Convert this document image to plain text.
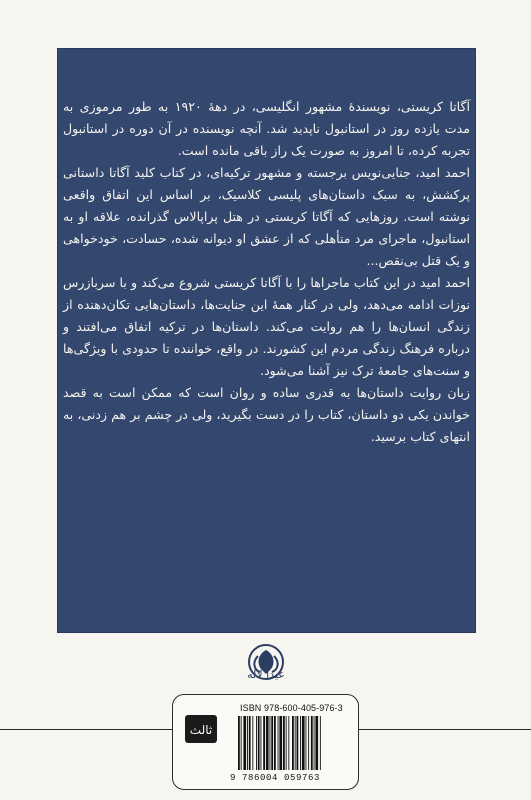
آگاتا کریستی، نویسندهٔ مشهور انگلیسی، در دههٔ ۱۹۲۰ به طور مرموزی به مدت یازده روز در استانبول ناپدید شد. آنچه نویسنده در آن دوره در استانبول تجربه کرده، تا امروز به صورت یک راز باقی مانده است.

احمد امید، جنایی‌نویس برجسته و مشهور ترکیه‌ای، در کتاب کلید آگاتا داستانی پرکشش، به سبک داستان‌های پلیسی کلاسیک، بر اساس این اتفاق واقعی نوشته است. روزهایی که آگاتا کریستی در هتل پراپالاس گذرانده، علاقه او به استانبول، ماجرای مرد متأهلی که از عشق او دیوانه شده، حسادت، خودخواهی و یک قتل بی‌نقص...

احمد امید در این کتاب ماجراها را با آگاتا کریستی شروع می‌کند و با سربازرس نوزات ادامه می‌دهد، ولی در کنار همهٔ این جنایت‌ها، داستان‌هایی تکان‌دهنده از زندگی انسان‌ها را هم روایت می‌کند. داستان‌ها در ترکیه اتفاق می‌افتند و درباره فرهنگ زندگی مردم این کشورند. در واقع، خواننده تا حدودی با ویژگی‌ها و سنت‌های جامعهٔ ترک نیز آشنا می‌شود.

زبان روایت داستان‌ها به قدری ساده و روان است که ممکن است به قصد خواندن یکی دو داستان، کتاب را در دست بگیرید، ولی در چشم بر هم زدنی، به انتهای کتاب برسید.

عیدا لاله
ثالث
ISBN 978-600-405-976-3
9 786004 059763
